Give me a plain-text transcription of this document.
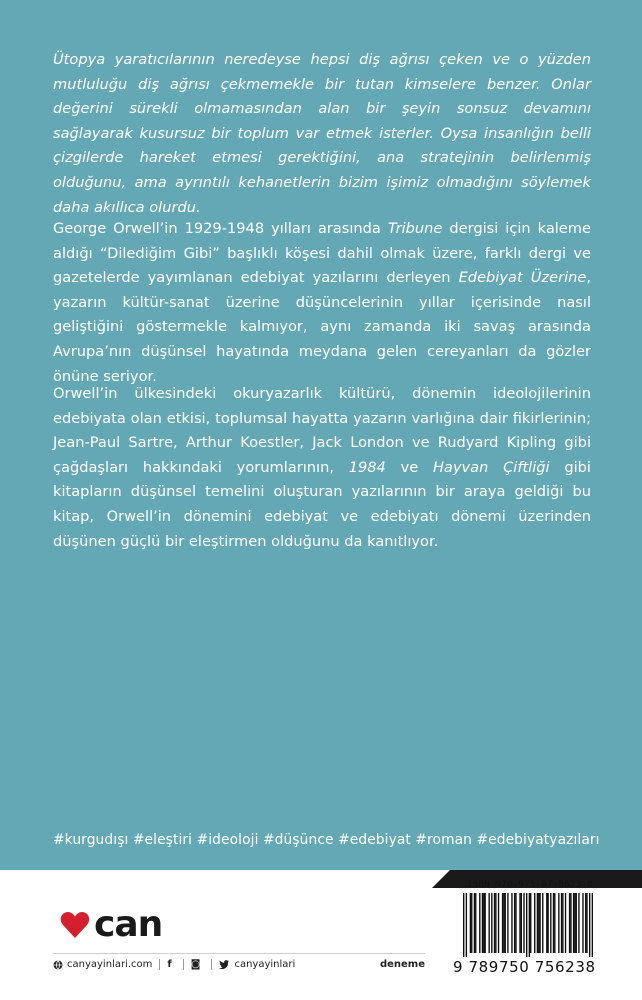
Ütopya yaratıcılarının neredeyse hepsi diş ağrısı çeken ve o yüzden mutluluğu diş ağrısı çekmemekle bir tutan kimselere benzer. Onlar değerini sürekli olmamasından alan bir şeyin sonsuz devamını sağlayarak kusursuz bir toplum var etmek isterler. Oysa insanlığın belli çizgilerde hareket etmesi gerektiğini, ana stratejinin belirlenmiş olduğunu, ama ayrıntılı kehanetlerin bizim işimiz olmadığını söylemek daha akıllıca olurdu.

George Orwell’in 1929-1948 yılları arasında Tribune dergisi için kaleme aldığı “Dilediğim Gibi” başlıklı köşesi dahil olmak üzere, farklı dergi ve gazetelerde yayımlanan edebiyat yazılarını derleyen Edebiyat Üzerine, yazarın kültür-sanat üzerine düşüncelerinin yıllar içerisinde nasıl geliştiğini göstermekle kalmıyor, aynı zamanda iki savaş arasında Avrupa’nın düşünsel hayatında meydana gelen cereyanları da gözler önüne seriyor.

Orwell’in ülkesindeki okuryazarlık kültürü, dönemin ideolojilerinin edebiyata olan etkisi, toplumsal hayatta yazarın varlığına dair fikirlerinin; Jean-Paul Sartre, Arthur Koestler, Jack London ve Rudyard Kipling gibi çağdaşları hakkındaki yorumlarının, 1984 ve Hayvan Çiftliği gibi kitapların düşünsel temelini oluşturan yazılarının bir araya geldiği bu kitap, Orwell’in dönemini edebiyat ve edebiyatı dönemi üzerinden düşünen güçlü bir eleştirmen olduğunu da kanıtlıyor.

#kurgudışı #eleştiri #ideoloji #düşünce #edebiyat #roman #edebiyatyazıları
can
canyayinlari.com f ◙	canyayinlari	deneme
ISBN 978-975-07-5623-8
9 789750 756238
